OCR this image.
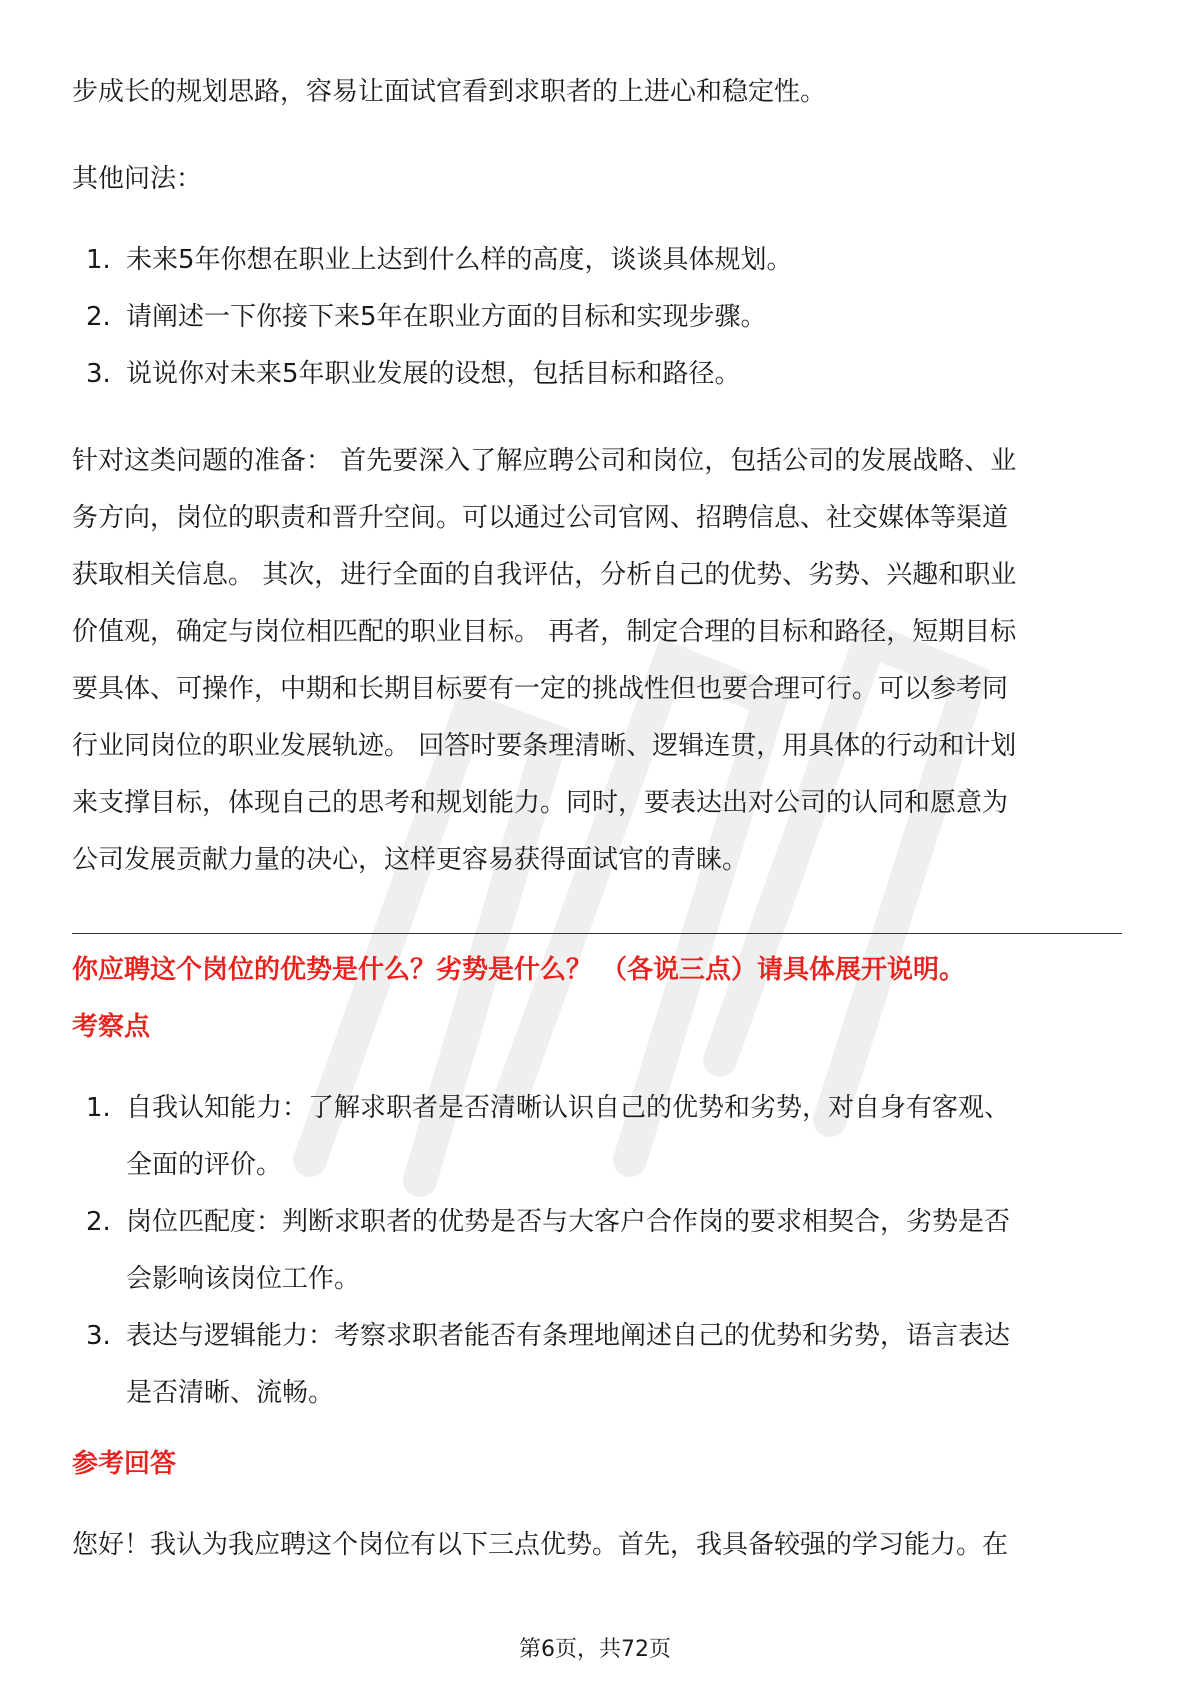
步成长的规划思路，容易让面试官看到求职者的上进心和稳定性。

其他问法：

1. 未来5年你想在职业上达到什么样的高度，谈谈具体规划。
2. 请阐述一下你接下来5年在职业方面的目标和实现步骤。
3. 说说你对未来5年职业发展的设想，包括目标和路径。

针对这类问题的准备： 首先要深入了解应聘公司和岗位，包括公司的发展战略、业

务方向，岗位的职责和晋升空间。可以通过公司官网、招聘信息、社交媒体等渠道

获取相关信息。 其次，进行全面的自我评估，分析自己的优势、劣势、兴趣和职业

价值观，确定与岗位相匹配的职业目标。 再者，制定合理的目标和路径，短期目标

要具体、可操作，中期和长期目标要有一定的挑战性但也要合理可行。可以参考同

行业同岗位的职业发展轨迹。 回答时要条理清晰、逻辑连贯，用具体的行动和计划

来支撑目标，体现自己的思考和规划能力。同时，要表达出对公司的认同和愿意为

公司发展贡献力量的决心，这样更容易获得面试官的青睐。

你应聘这个岗位的优势是什么？劣势是什么？ （各说三点）请具体展开说明。

考察点

1. 自我认知能力：了解求职者是否清晰认识自己的优势和劣势，对自身有客观、
全面的评价。
2. 岗位匹配度：判断求职者的优势是否与大客户合作岗的要求相契合，劣势是否
会影响该岗位工作。
3. 表达与逻辑能力：考察求职者能否有条理地阐述自己的优势和劣势，语言表达
是否清晰、流畅。

参考回答

您好！我认为我应聘这个岗位有以下三点优势。首先，我具备较强的学习能力。在

第6页，共72页
